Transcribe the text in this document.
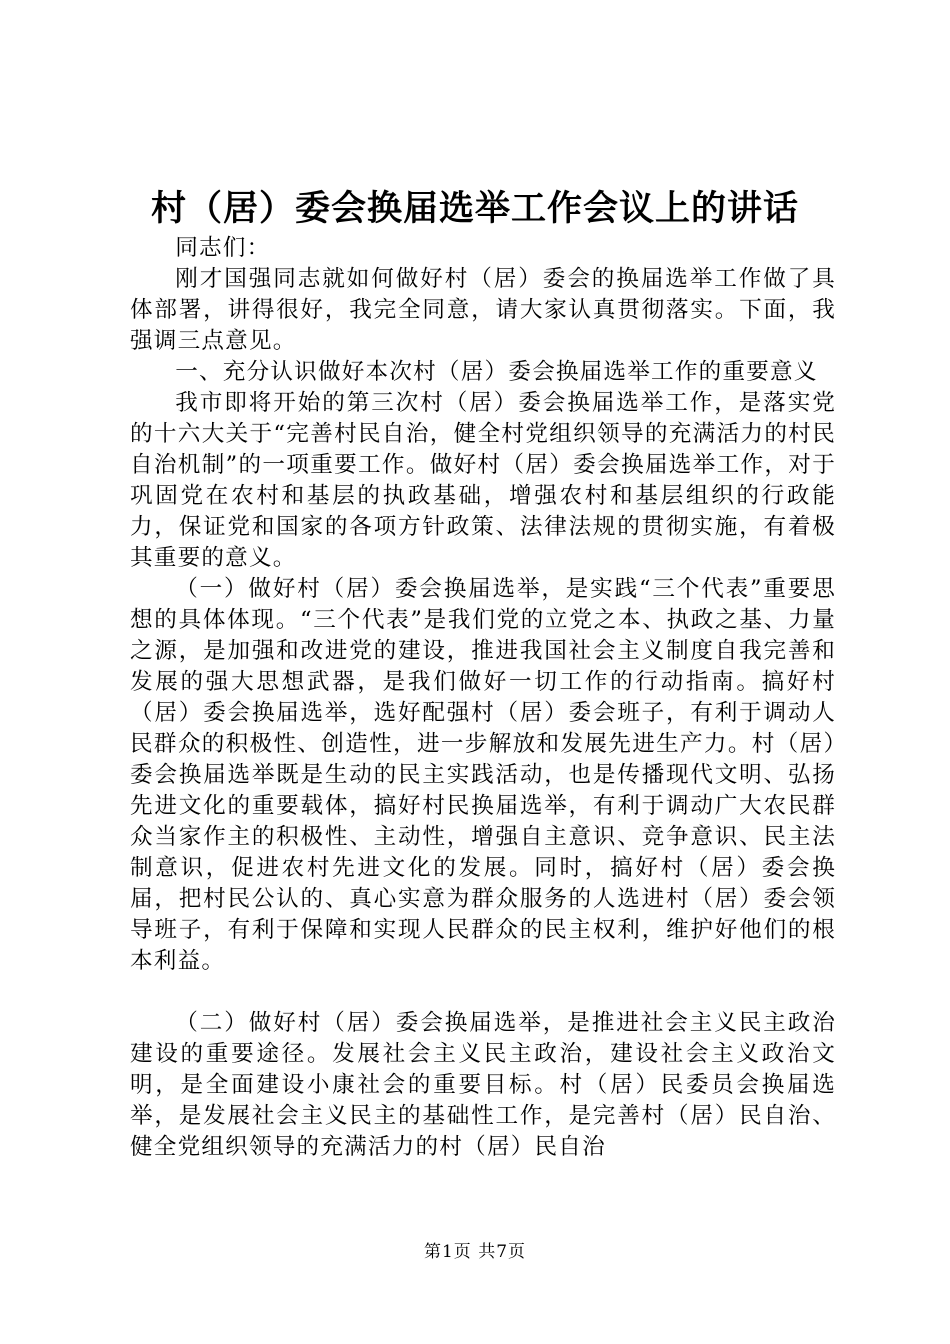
村（居）委会换届选举工作会议上的讲话

同志们：

刚才国强同志就如何做好村（居）委会的换届选举工作做了具体部署，讲得很好，我完全同意，请大家认真贯彻落实。下面，我强调三点意见。

一、充分认识做好本次村（居）委会换届选举工作的重要意义

我市即将开始的第三次村（居）委会换届选举工作，是落实党的十六大关于“完善村民自治，健全村党组织领导的充满活力的村民自治机制”的一项重要工作。做好村（居）委会换届选举工作，对于巩固党在农村和基层的执政基础，增强农村和基层组织的行政能力，保证党和国家的各项方针政策、法律法规的贯彻实施，有着极其重要的意义。

（一）做好村（居）委会换届选举，是实践“三个代表”重要思想的具体体现。“三个代表”是我们党的立党之本、执政之基、力量之源，是加强和改进党的建设，推进我国社会主义制度自我完善和发展的强大思想武器，是我们做好一切工作的行动指南。搞好村（居）委会换届选举，选好配强村（居）委会班子，有利于调动人民群众的积极性、创造性，进一步解放和发展先进生产力。村（居）委会换届选举既是生动的民主实践活动，也是传播现代文明、弘扬先进文化的重要载体，搞好村民换届选举，有利于调动广大农民群众当家作主的积极性、主动性，增强自主意识、竞争意识、民主法制意识，促进农村先进文化的发展。同时，搞好村（居）委会换届，把村民公认的、真心实意为群众服务的人选进村（居）委会领导班子，有利于保障和实现人民群众的民主权利，维护好他们的根本利益。

（二）做好村（居）委会换届选举，是推进社会主义民主政治建设的重要途径。发展社会主义民主政治，建设社会主义政治文明，是全面建设小康社会的重要目标。村（居）民委员会换届选举，是发展社会主义民主的基础性工作，是完善村（居）民自治、健全党组织领导的充满活力的村（居）民自治

第1页 共7页
